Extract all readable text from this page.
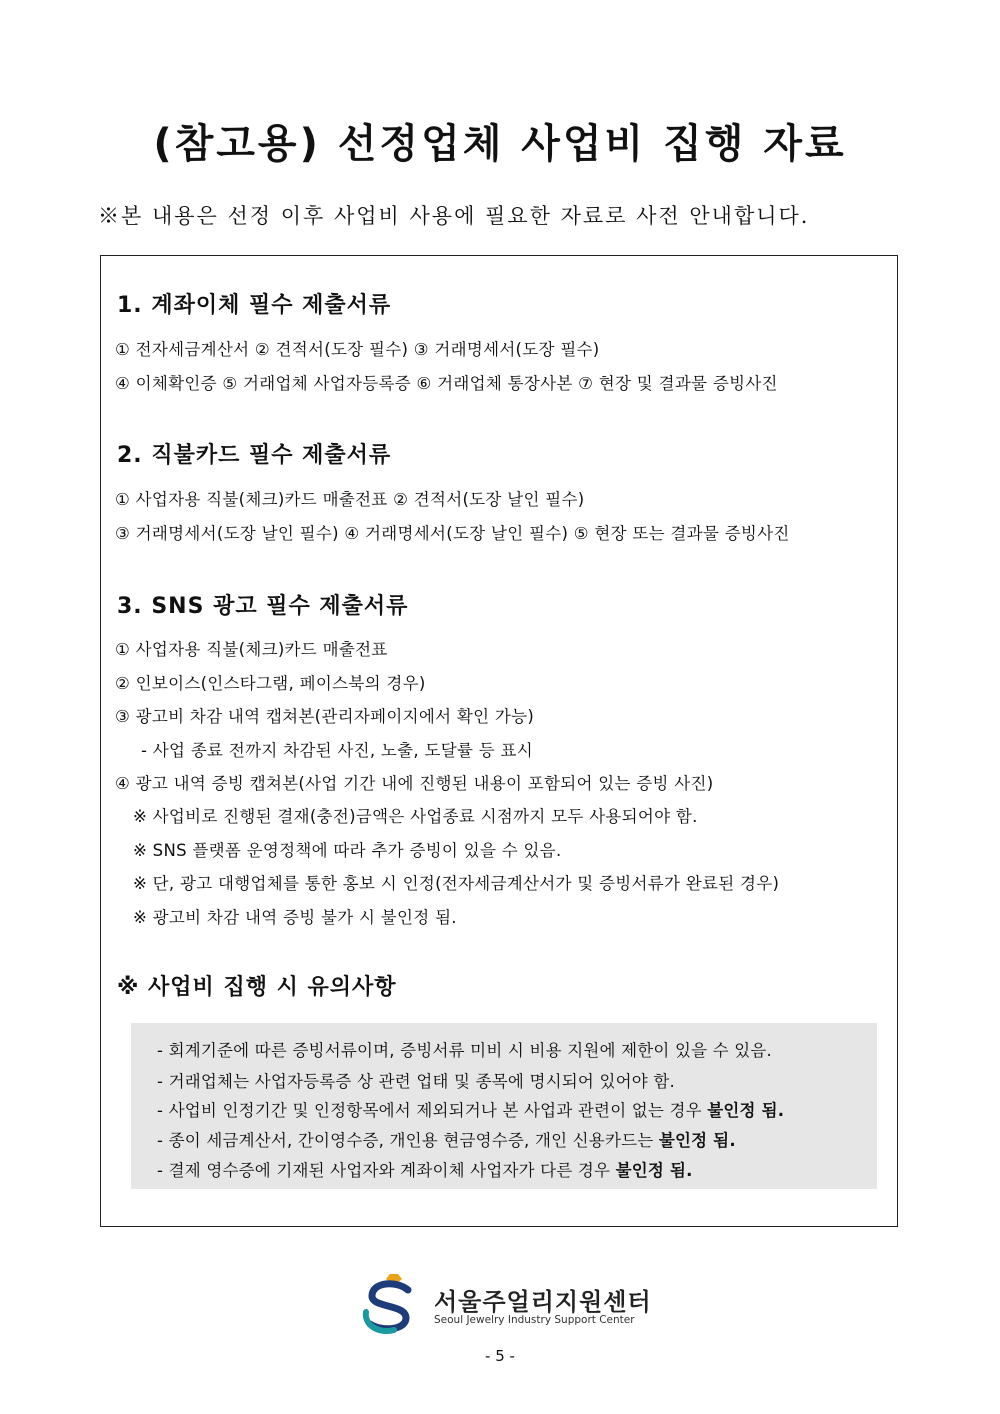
(참고용) 선정업체 사업비 집행 자료
※본 내용은 선정 이후 사업비 사용에 필요한 자료로 사전 안내합니다.
1. 계좌이체 필수 제출서류
① 전자세금계산서 ② 견적서(도장 필수) ③ 거래명세서(도장 필수)
④ 이체확인증 ⑤ 거래업체 사업자등록증 ⑥ 거래업체 통장사본 ⑦ 현장 및 결과물 증빙사진
2. 직불카드 필수 제출서류
① 사업자용 직불(체크)카드 매출전표 ② 견적서(도장 날인 필수)
③ 거래명세서(도장 날인 필수) ④ 거래명세서(도장 날인 필수) ⑤ 현장 또는 결과물 증빙사진
3. SNS 광고 필수 제출서류
① 사업자용 직불(체크)카드 매출전표
② 인보이스(인스타그램, 페이스북의 경우)
③ 광고비 차감 내역 캡쳐본(관리자페이지에서 확인 가능)
- 사업 종료 전까지 차감된 사진, 노출, 도달률 등 표시
④ 광고 내역 증빙 캡쳐본(사업 기간 내에 진행된 내용이 포함되어 있는 증빙 사진)
※ 사업비로 진행된 결재(충전)금액은 사업종료 시점까지 모두 사용되어야 함.
※ SNS 플랫폼 운영정책에 따라 추가 증빙이 있을 수 있음.
※ 단, 광고 대행업체를 통한 홍보 시 인정(전자세금계산서가 및 증빙서류가 완료된 경우)
※ 광고비 차감 내역 증빙 불가 시 불인정 됨.
※ 사업비 집행 시 유의사항
- 회계기준에 따른 증빙서류이며, 증빙서류 미비 시 비용 지원에 제한이 있을 수 있음.
- 거래업체는 사업자등록증 상 관련 업태 및 종목에 명시되어 있어야 함.
- 사업비 인정기간 및 인정항목에서 제외되거나 본 사업과 관련이 없는 경우 불인정 됨.
- 종이 세금계산서, 간이영수증, 개인용 현금영수증, 개인 신용카드는 불인정 됨.
- 결제 영수증에 기재된 사업자와 계좌이체 사업자가 다른 경우 불인정 됨.
서울주얼리지원센터
Seoul Jewelry Industry Support Center
- 5 -
